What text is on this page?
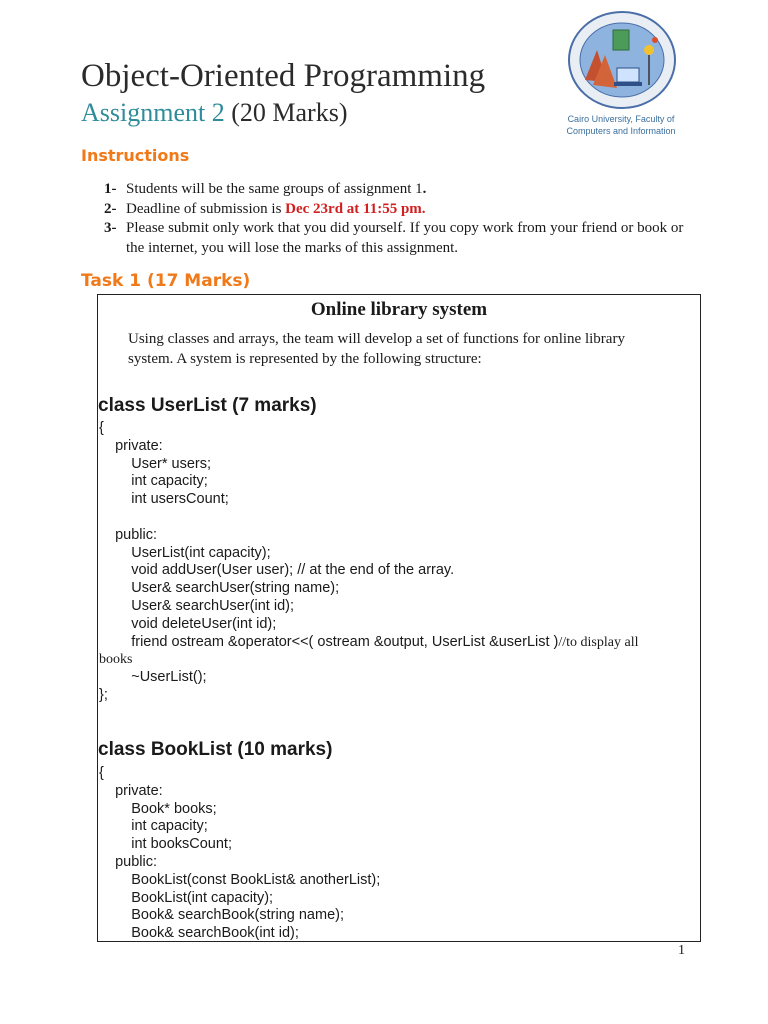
Object-Oriented Programming
Assignment 2 (20 Marks)	Cairo University, Faculty of
Computers and Information
Instructions
1- Students will be the same groups of assignment 1.
2- Deadline of submission is Dec 23rd at 11:55 pm.
3- Please submit only work that you did yourself. If you copy work from your friend or book or the internet, you will lose the marks of this assignment.
Task 1 (17 Marks)
Online library system
Using classes and arrays, the team will develop a set of functions for online library system. A system is represented by the following structure:
class UserList (7 marks)
{
private:
User* users;
int capacity;
int usersCount;

public:
UserList(int capacity);
void addUser(User user); // at the end of the array.
User& searchUser(string name);
User& searchUser(int id);
void deleteUser(int id);
friend ostream &operator<<( ostream &output, UserList &userList )//to display all
books
~UserList();
};
class BookList (10 marks)
{
private:
Book* books;
int capacity;
int booksCount;
public:
BookList(const BookList& anotherList);
BookList(int capacity);
Book& searchBook(string name);
Book& searchBook(int id);
1
